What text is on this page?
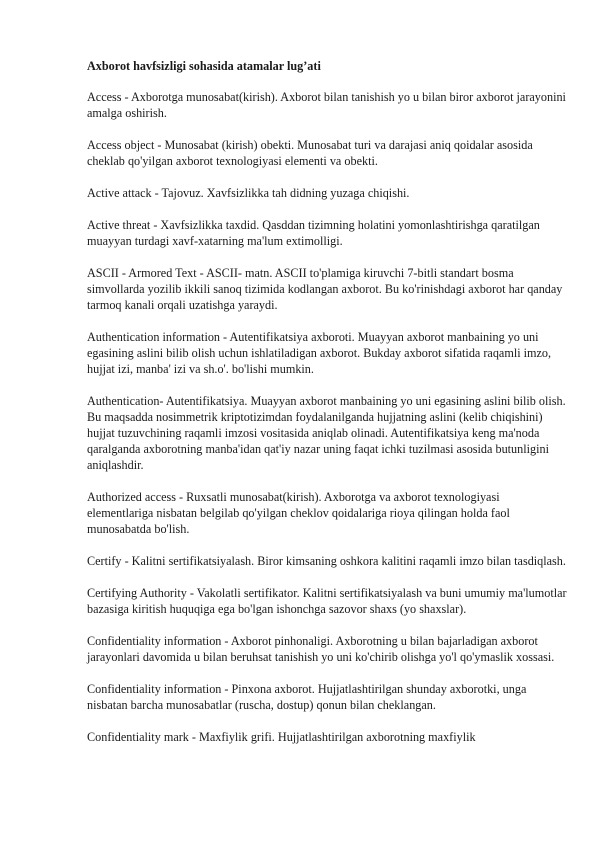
Axborot havfsizligi sohasida atamalar lug’ati

Access - Axborotga munosabat(kirish). Axborot bilan tanishish yo u bilan biror axborot jarayonini amalga oshirish.

Access object - Munosabat (kirish) obekti. Munosabat turi va darajasi aniq qoidalar asosida cheklab qo'yilgan axborot texnologiyasi elementi va obekti.

Active attack - Tajovuz. Xavfsizlikka tah didning yuzaga chiqishi.

Active threat - Xavfsizlikka taxdid. Qasddan tizimning holatini yomonlashtirishga qaratilgan muayyan turdagi xavf-xatarning ma'lum extimolligi.

ASCII - Armored Text - ASCII- matn. ASCII to'plamiga kiruvchi 7-bitli standart bosma simvollarda yozilib ikkili sanoq tizimida kodlangan axborot. Bu ko'rinishdagi axborot har qanday tarmoq kanali orqali uzatishga yaraydi.

Authentication information - Autentifikatsiya axboroti. Muayyan axborot manbaining yo uni egasining aslini bilib olish uchun ishlatiladigan axborot. Bukday axborot sifatida raqamli imzo, hujjat izi, manba' izi va sh.o'. bo'lishi mumkin.

Authentication- Autentifikatsiya. Muayyan axborot manbaining yo uni egasining aslini bilib olish. Bu maqsadda nosimmetrik kriptotizimdan foydalanilganda hujjatning aslini (kelib chiqishini) hujjat tuzuvchining raqamli imzosi vositasida aniqlab olinadi. Autentifikatsiya keng ma'noda qaralganda axborotning manba'idan qat'iy nazar uning faqat ichki tuzilmasi asosida butunligini aniqlashdir.

Authorized access - Ruxsatli munosabat(kirish). Axborotga va axborot texnologiyasi elementlariga nisbatan belgilab qo'yilgan cheklov qoidalariga rioya qilingan holda faol munosabatda bo'lish.

Certify - Kalitni sertifikatsiyalash. Biror kimsaning oshkora kalitini raqamli imzo bilan tasdiqlash.

Certifying Authority - Vakolatli sertifikator. Kalitni sertifikatsiyalash va buni umumiy ma'lumotlar bazasiga kiritish huquqiga ega bo'lgan ishonchga sazovor shaxs (yo shaxslar).

Confidentiality information - Axborot pinhonaligi. Axborotning u bilan bajarladigan axborot jarayonlari davomida u bilan beruhsat tanishish yo uni ko'chirib olishga yo'l qo'ymaslik xossasi.

Confidentiality information - Pinxona axborot. Hujjatlashtirilgan shunday axborotki, unga nisbatan barcha munosabatlar (ruscha, dostup) qonun bilan cheklangan.

Confidentiality mark - Maxfiylik grifi. Hujjatlashtirilgan axborotning maxfiylik
